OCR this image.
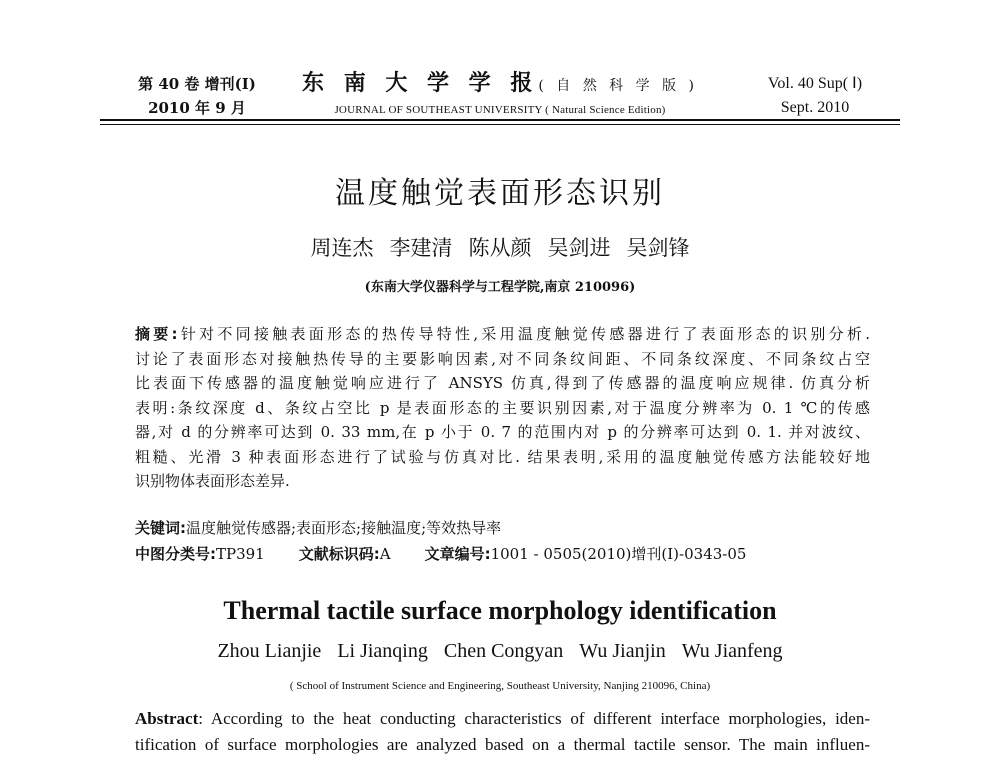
第 40 卷 增刊(Ⅰ)
2010 年 9 月
东 南 大 学 学 报( 自 然 科 学 版 )
JOURNAL OF SOUTHEAST UNIVERSITY ( Natural Science Edition)
Vol. 40 Sup( Ⅰ)
Sept. 2010
温度触觉表面形态识别
周连杰 李建清 陈从颜 吴剑进 吴剑锋
(东南大学仪器科学与工程学院,南京 210096)
摘要:针对不同接触表面形态的热传导特性,采用温度触觉传感器进行了表面形态的识别分析.
讨论了表面形态对接触热传导的主要影响因素,对不同条纹间距、不同条纹深度、不同条纹占空
比表面下传感器的温度触觉响应进行了 ANSYS 仿真,得到了传感器的温度响应规律. 仿真分析
表明:条纹深度 d、条纹占空比 p 是表面形态的主要识别因素,对于温度分辨率为 0. 1 ℃的传感
器,对 d 的分辨率可达到 0. 33 mm,在 p 小于 0. 7 的范围内对 p 的分辨率可达到 0. 1. 并对波纹、
粗糙、光滑 3 种表面形态进行了试验与仿真对比. 结果表明,采用的温度触觉传感方法能较好地
识别物体表面形态差异.
关键词:温度触觉传感器;表面形态;接触温度;等效热导率
中图分类号:TP391 文献标识码:A 文章编号:1001 - 0505(2010)增刊(Ⅰ)-0343-05
Thermal tactile surface morphology identification
Zhou Lianjie Li Jianqing Chen Congyan Wu Jianjin Wu Jianfeng
( School of Instrument Science and Engineering, Southeast University, Nanjing 210096, China)
Abstract: According to the heat conducting characteristics of different interface morphologies, iden-
tification of surface morphologies are analyzed based on a thermal tactile sensor. The main influen-
